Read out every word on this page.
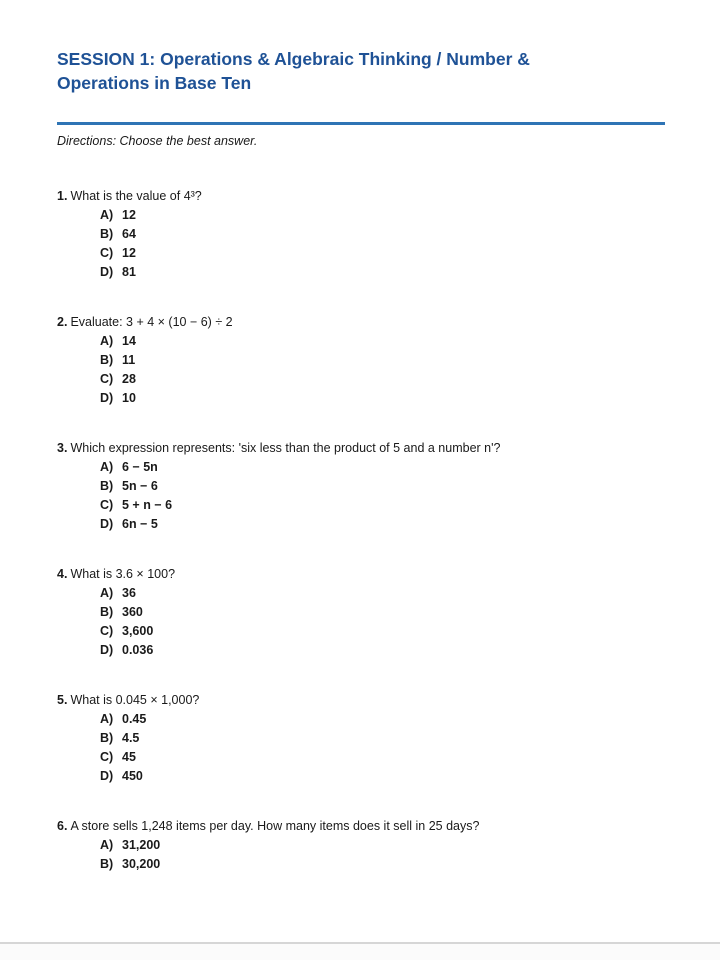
SESSION 1: Operations & Algebraic Thinking / Number &
Operations in Base Ten

Directions: Choose the best answer.

1. What is the value of 4³?
A) 12
B) 64
C) 12
D) 81
2. Evaluate: 3 + 4 × (10 − 6) ÷ 2
A) 14
B) 11
C) 28
D) 10
3. Which expression represents: 'six less than the product of 5 and a number n'?
A) 6 − 5n
B) 5n − 6
C) 5 + n − 6
D) 6n − 5
4. What is 3.6 × 100?
A) 36
B) 360
C) 3,600
D) 0.036
5. What is 0.045 × 1,000?
A) 0.45
B) 4.5
C) 45
D) 450
6. A store sells 1,248 items per day. How many items does it sell in 25 days?
A) 31,200
B) 30,200
